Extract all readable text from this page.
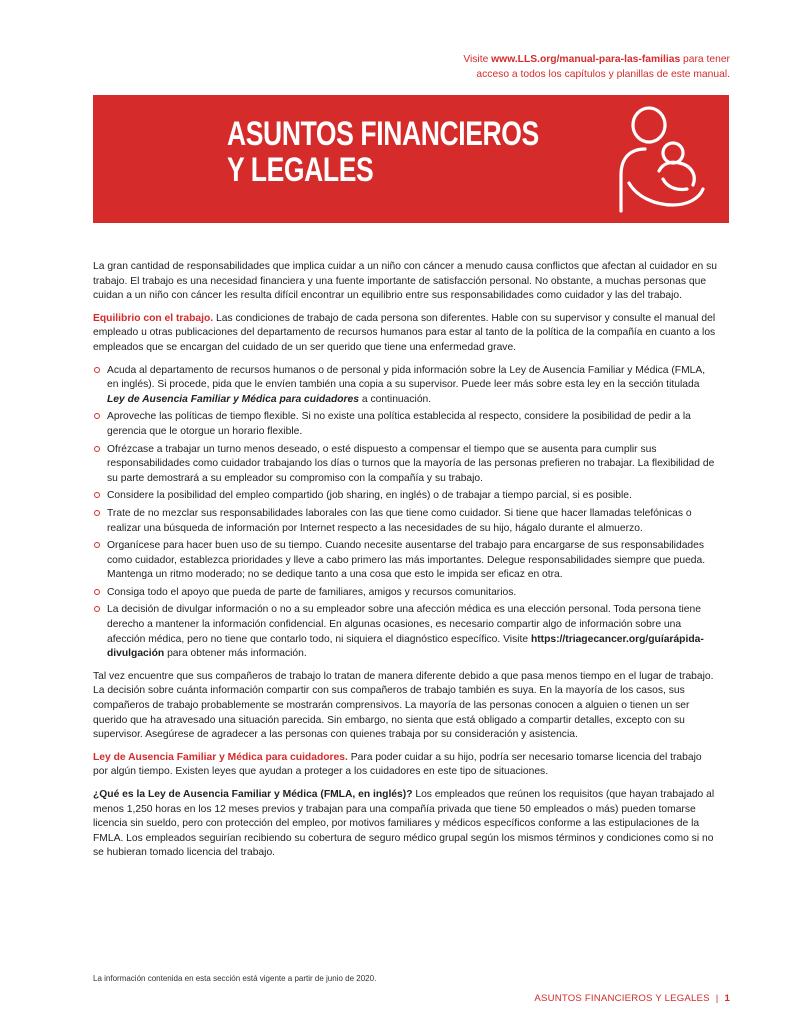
Visite www.LLS.org/manual-para-las-familias para tener
acceso a todos los capítulos y planillas de este manual.
ASUNTOS FINANCIEROS
Y LEGALES

La gran cantidad de responsabilidades que implica cuidar a un niño con cáncer a menudo causa conflictos que afectan al cuidador en su trabajo. El trabajo es una necesidad financiera y una fuente importante de satisfacción personal. No obstante, a muchas personas que cuidan a un niño con cáncer les resulta difícil encontrar un equilibrio entre sus responsabilidades como cuidador y las del trabajo.

Equilibrio con el trabajo. Las condiciones de trabajo de cada persona son diferentes. Hable con su supervisor y consulte el manual del empleado u otras publicaciones del departamento de recursos humanos para estar al tanto de la política de la compañía en cuanto a los empleados que se encargan del cuidado de un ser querido que tiene una enfermedad grave.

Acuda al departamento de recursos humanos o de personal y pida información sobre la Ley de Ausencia Familiar y Médica (FMLA, en inglés). Si procede, pida que le envíen también una copia a su supervisor. Puede leer más sobre esta ley en la sección titulada Ley de Ausencia Familiar y Médica para cuidadores a continuación.
Aproveche las políticas de tiempo flexible. Si no existe una política establecida al respecto, considere la posibilidad de pedir a la gerencia que le otorgue un horario flexible.
Ofrézcase a trabajar un turno menos deseado, o esté dispuesto a compensar el tiempo que se ausenta para cumplir sus responsabilidades como cuidador trabajando los días o turnos que la mayoría de las personas prefieren no trabajar. La flexibilidad de su parte demostrará a su empleador su compromiso con la compañía y su trabajo.
Considere la posibilidad del empleo compartido (job sharing, en inglés) o de trabajar a tiempo parcial, si es posible.
Trate de no mezclar sus responsabilidades laborales con las que tiene como cuidador. Si tiene que hacer llamadas telefónicas o realizar una búsqueda de información por Internet respecto a las necesidades de su hijo, hágalo durante el almuerzo.
Organícese para hacer buen uso de su tiempo. Cuando necesite ausentarse del trabajo para encargarse de sus responsabilidades como cuidador, establezca prioridades y lleve a cabo primero las más importantes. Delegue responsabilidades siempre que pueda. Mantenga un ritmo moderado; no se dedique tanto a una cosa que esto le impida ser eficaz en otra.
Consiga todo el apoyo que pueda de parte de familiares, amigos y recursos comunitarios.
La decisión de divulgar información o no a su empleador sobre una afección médica es una elección personal. Toda persona tiene derecho a mantener la información confidencial. En algunas ocasiones, es necesario compartir algo de información sobre una afección médica, pero no tiene que contarlo todo, ni siquiera el diagnóstico específico. Visite https://triagecancer.org/guíarápida-divulgación para obtener más información.

Tal vez encuentre que sus compañeros de trabajo lo tratan de manera diferente debido a que pasa menos tiempo en el lugar de trabajo. La decisión sobre cuánta información compartir con sus compañeros de trabajo también es suya. En la mayoría de los casos, sus compañeros de trabajo probablemente se mostrarán comprensivos. La mayoría de las personas conocen a alguien o tienen un ser querido que ha atravesado una situación parecida. Sin embargo, no sienta que está obligado a compartir detalles, excepto con su supervisor. Asegúrese de agradecer a las personas con quienes trabaja por su consideración y asistencia.

Ley de Ausencia Familiar y Médica para cuidadores. Para poder cuidar a su hijo, podría ser necesario tomarse licencia del trabajo por algún tiempo. Existen leyes que ayudan a proteger a los cuidadores en este tipo de situaciones.

¿Qué es la Ley de Ausencia Familiar y Médica (FMLA, en inglés)? Los empleados que reúnen los requisitos (que hayan trabajado al menos 1,250 horas en los 12 meses previos y trabajan para una compañía privada que tiene 50 empleados o más) pueden tomarse licencia sin sueldo, pero con protección del empleo, por motivos familiares y médicos específicos conforme a las estipulaciones de la FMLA. Los empleados seguirían recibiendo su cobertura de seguro médico grupal según los mismos términos y condiciones como si no se hubieran tomado licencia del trabajo.

La información contenida en esta sección está vigente a partir de junio de 2020.
ASUNTOS FINANCIEROS Y LEGALES | 1
